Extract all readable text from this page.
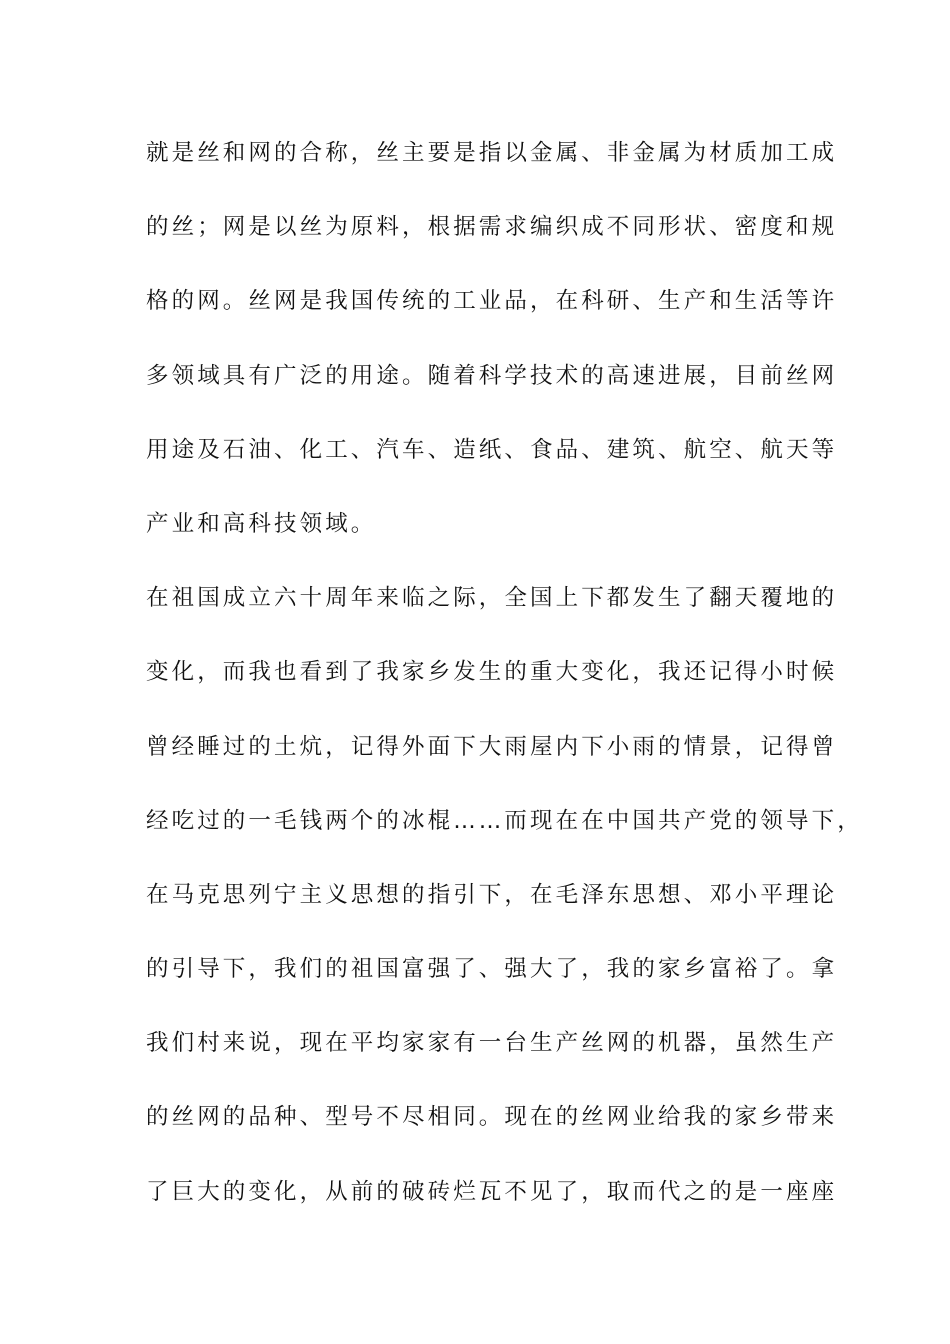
就是丝和网的合称，丝主要是指以金属、非金属为材质加工成
的丝；网是以丝为原料，根据需求编织成不同形状、密度和规
格的网。丝网是我国传统的工业品，在科研、生产和生活等许
多领域具有广泛的用途。随着科学技术的高速进展，目前丝网
用途及石油、化工、汽车、造纸、食品、建筑、航空、航天等
产业和高科技领域。
在祖国成立六十周年来临之际，全国上下都发生了翻天覆地的
变化，而我也看到了我家乡发生的重大变化，我还记得小时候
曾经睡过的土炕，记得外面下大雨屋内下小雨的情景，记得曾
经吃过的一毛钱两个的冰棍……而现在在中国共产党的领导下，
在马克思列宁主义思想的指引下，在毛泽东思想、邓小平理论
的引导下，我们的祖国富强了、强大了，我的家乡富裕了。拿
我们村来说，现在平均家家有一台生产丝网的机器，虽然生产
的丝网的品种、型号不尽相同。现在的丝网业给我的家乡带来
了巨大的变化，从前的破砖烂瓦不见了，取而代之的是一座座
